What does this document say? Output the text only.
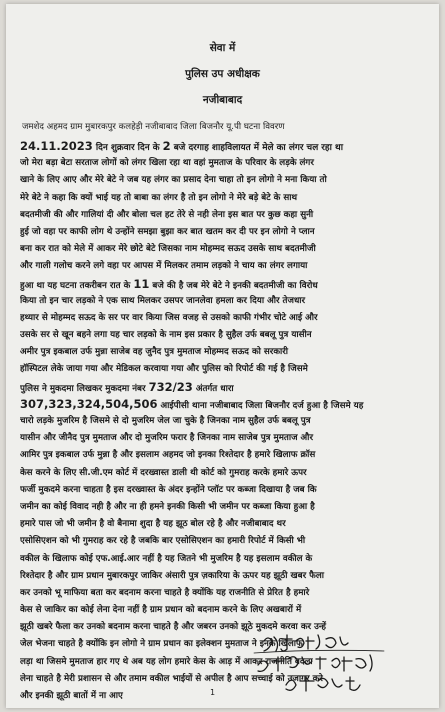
सेवा में
पुलिस उप अधीक्षक
नजीबाबाद
जमशेद अहमद ग्राम मुबारकपुर कलहेड़ी नजीबाबाद जिला बिजनौर यू.पी घटना विवरण
24.11.2023 दिन शुक्रवार दिन के 2 बजे दरगाह शाहविलायत में मेले का लंगर चल रहा था
जो मेरा बड़ा बेटा सरताज लोगों को लंगर खिला रहा था वहां मुमताज के परिवार के लड़के लंगर
खाने के लिए आए और मेरे बेटे ने जब यह लंगर का प्रसाद देना चाहा तो इन लोगो ने मना किया तो
मेरे बेटे ने कहा कि क्यों भाई यह तो बाबा का लंगर है तो इन लोगो ने मेरे बड़े बेटे के साथ
बदतमीजी की और गालियां दी और बोला चल हट तेरे से नही लेना इस बात पर कुछ कहा सुनी
हुई जो वहा पर काफी लोग थे उन्होंने समझा बुझा कर बात खतम कर दी पर इन लोगो ने प्लान
बना कर रात को मेले में आकर मेरे छोटे बेटे जिसका नाम मोहम्मद सऊद उसके साथ बदतमीजी
और गाली गलोच करने लगे वहा पर आपस में मिलकर तमाम लड़को ने चाय का लंगर लगाया
हुआ था यह घटना तकरीबन रात के 11 बजे की है जब मेरे बेटे ने इनकी बदतमीजी का विरोध
किया तो इन चार लड़को ने एक साथ मिलकर उसपर जानलेवा हमला कर दिया और तेजधार
हथ्यार से मोहम्मद सऊद के सर पर वार किया जिस वजह से उसको काफी गंभीर चोटे आई और
उसके सर से खून बहने लगा यह चार लड़को के नाम इस प्रकार है सुहैल उर्फ बबलू पुत्र यासीन
अमीर पुत्र इकबाल उर्फ मुन्ना साजेब वह जुनैद पुत्र मुमताज मोहम्मद सऊद को सरकारी
हॉस्पिटल लेके जाया गया और मेडिकल करवाया गया और पुलिस को रिपोर्ट की गई है जिसमे
पुलिस ने मुकदमा लिखकर मुकदमा नंबर 732/23 अंतर्गत धारा
307,323,324,504,506 आईपीसी थाना नजीबाबाद जिला बिजनौर दर्ज हुआ है जिसमे यह
चारो लड़के मुजरिम है जिसमे से दो मुजरिम जेल जा चुके है जिनका नाम सुहैल उर्फ बबलू पुत्र
यासीन और जीनैद पुत्र मुमताज और दो मुजरिम फरार है जिनका नाम साजेब पुत्र मुमताज और
आमिर पुत्र इकबाल उर्फ मुन्ना है और इसलाम अहमद जो इनका रिश्तेदार है हमारे खिलाफ क्रॉस
केस करने के लिए सी.जी.एम कोर्ट में दरख्वास्त डाली थी कोर्ट को गुमराह करके हमारे ऊपर
फर्जी मुकदमे करना चाहता है इस दरख्वास्त के अंदर इन्होंने प्लॉट पर कब्जा दिखाया है जब कि
जमीन का कोई विवाद नही है और ना ही हमने इनकी किसी भी जमीन पर कब्जा किया हुआ है
हमारे पास जो भी जमीन है वो बैनामा शुदा है यह झूठ बोल रहे है और नजीबाबाद थर
एसोसिएशन को भी गुमराह कर रहे है जबकि बार एसोसिएशन का हमारी रिपोर्ट में किसी भी
वकील के खिलाफ कोई एफ.आई.आर नहीं है यह जितने भी मुजरिम है यह इसलाम वकील के
रिश्तेदार है और ग्राम प्रधान मुबारकपुर जाकिर अंसारी पुत्र ज़कारिया के ऊपर यह झूठी खबर फैला
कर उनको भू माफिया बता कर बदनाम करना चाहते है क्योंकि यह राजनीति से प्रेरित है हमारे
केस से जाकिर का कोई लेना देना नहीं है ग्राम प्रधान को बदनाम करने के लिए अखबारों में
झूठी खबरे फैला कर उनको बदनाम करना चाहते है और जबरन उनको झूठे मुकदमे करवा कर उन्हें
जेल भेजना चाहते है क्योंकि इन लोगो ने ग्राम प्रधान का इलेक्शन मुमताज ने इनके खिलाफ
लड़ा था जिसमे मुमताज हार गए थे अब यह लोग हमारे केस के आड़ में आकर राजनीति बदला
लेना चाहते है मेरी प्रशासन से और तमाम वकील भाईयों से अपील है आप सच्चाई को उजागर करे
और इनकी झूठी बातों में ना आए	1
